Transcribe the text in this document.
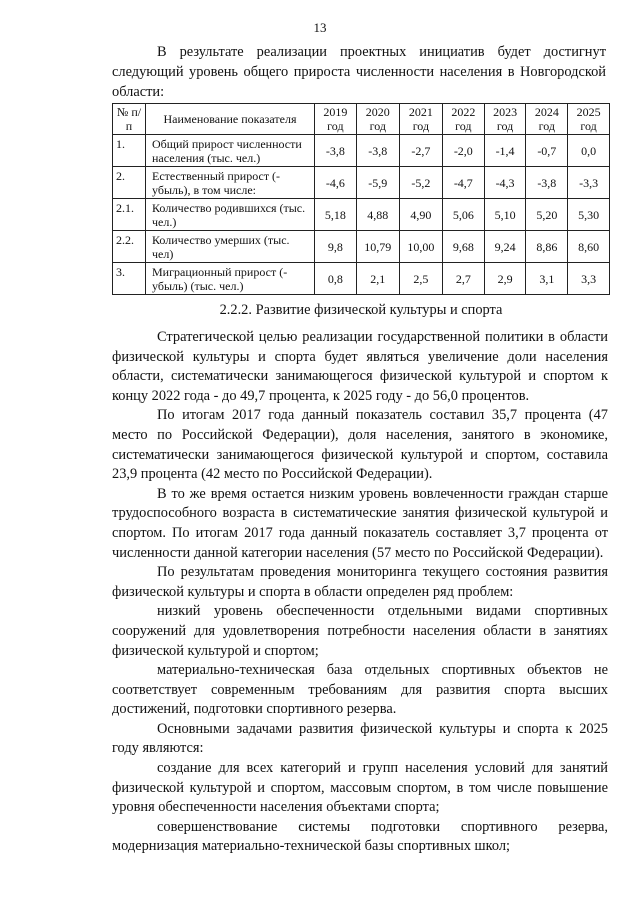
13
В результате реализации проектных инициатив будет достигнут следующий уровень общего прироста численности населения в Новгородской области:
№ п/п	Наименование показателя	2019 год	2020 год	2021 год	2022 год	2023 год	2024 год	2025 год
1.	Общий прирост численности населения (тыс. чел.)	-3,8	-3,8	-2,7	-2,0	-1,4	-0,7	0,0
2.	Естественный прирост (-убыль), в том числе:	-4,6	-5,9	-5,2	-4,7	-4,3	-3,8	-3,3
2.1.	Количество родившихся (тыс. чел.)	5,18	4,88	4,90	5,06	5,10	5,20	5,30
2.2.	Количество умерших (тыс. чел)	9,8	10,79	10,00	9,68	9,24	8,86	8,60
3.	Миграционный прирост (-убыль) (тыс. чел.)	0,8	2,1	2,5	2,7	2,9	3,1	3,3
2.2.2. Развитие физической культуры и спорта

Стратегической целью реализации государственной политики в области физической культуры и спорта будет являться увеличение доли населения области, систематически занимающегося физической культурой и спортом к концу 2022 года - до 49,7 процента, к 2025 году - до 56,0 процентов.

По итогам 2017 года данный показатель составил 35,7 процента (47 место по Российской Федерации), доля населения, занятого в экономике, систематически занимающегося физической культурой и спортом, составила 23,9 процента (42 место по Российской Федерации).

В то же время остается низким уровень вовлеченности граждан старше трудоспособного возраста в систематические занятия физической культурой и спортом. По итогам 2017 года данный показатель составляет 3,7 процента от численности данной категории населения (57 место по Российской Федерации).

По результатам проведения мониторинга текущего состояния развития физической культуры и спорта в области определен ряд проблем:

низкий уровень обеспеченности отдельными видами спортивных сооружений для удовлетворения потребности населения области в занятиях физической культурой и спортом;

материально-техническая база отдельных спортивных объектов не соответствует современным требованиям для развития спорта высших достижений, подготовки спортивного резерва.

Основными задачами развития физической культуры и спорта к 2025 году являются:

создание для всех категорий и групп населения условий для занятий физической культурой и спортом, массовым спортом, в том числе повышение уровня обеспеченности населения объектами спорта;

совершенствование системы подготовки спортивного резерва, модернизация материально-технической базы спортивных школ;
